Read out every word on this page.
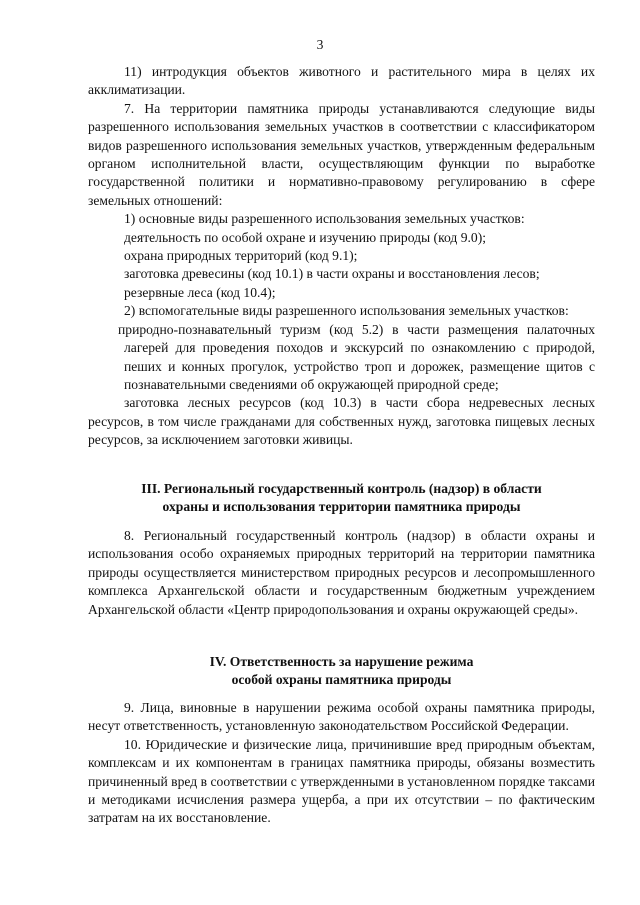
3

11) интродукция объектов животного и растительного мира в целях их акклиматизации.

7. На территории памятника природы устанавливаются следующие виды разрешенного использования земельных участков в соответствии с классификатором видов разрешенного использования земельных участков, утвержденным федеральным органом исполнительной власти, осуществляющим функции по выработке государственной политики и нормативно-правовому регулированию в сфере земельных отношений:

1) основные виды разрешенного использования земельных участков:

деятельность по особой охране и изучению природы (код 9.0);

охрана природных территорий (код 9.1);

заготовка древесины (код 10.1) в части охраны и восстановления лесов;

резервные леса (код 10.4);

2) вспомогательные виды разрешенного использования земельных участков:

природно-познавательный туризм (код 5.2) в части размещения палаточных лагерей для проведения походов и экскурсий по ознакомлению с природой, пеших и конных прогулок, устройство троп и дорожек, размещение щитов с познавательными сведениями об окружающей природной среде;

заготовка лесных ресурсов (код 10.3) в части сбора недревесных лесных ресурсов, в том числе гражданами для собственных нужд, заготовка пищевых лесных ресурсов, за исключением заготовки живицы.

III. Региональный государственный контроль (надзор) в области

охраны и использования территории памятника природы

8. Региональный государственный контроль (надзор) в области охраны и использования особо охраняемых природных территорий на территории памятника природы осуществляется министерством природных ресурсов и лесопромышленного комплекса Архангельской области и государственным бюджетным учреждением Архангельской области «Центр природопользования и охраны окружающей среды».

IV. Ответственность за нарушение режима

особой охраны памятника природы

9. Лица, виновные в нарушении режима особой охраны памятника природы, несут ответственность, установленную законодательством Российской Федерации.

10. Юридические и физические лица, причинившие вред природным объектам, комплексам и их компонентам в границах памятника природы, обязаны возместить причиненный вред в соответствии с утвержденными в установленном порядке таксами и методиками исчисления размера ущерба, а при их отсутствии – по фактическим затратам на их восстановление.
